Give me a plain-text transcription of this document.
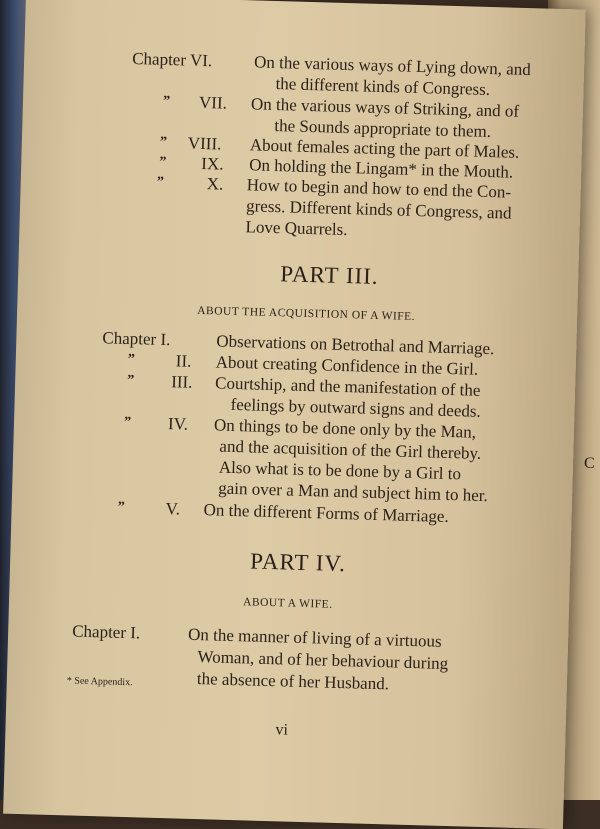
C
Chapter VI. On the various ways of Lying down, and
the different kinds of Congress.
” VII. On the various ways of Striking, and of
the Sounds appropriate to them.
” VIII. About females acting the part of Males.
” IX. On holding the Lingam* in the Mouth.
”	X. How to begin and how to end the Con-
gress. Different kinds of Congress, and
Love Quarrels.
PART III.
ABOUT THE ACQUISITION OF A WIFE.
Chapter I.	Observations on Betrothal and Marriage.
” II. About creating Confidence in the Girl.
” III. Courtship, and the manifestation of the
feelings by outward signs and deeds.
” IV. On things to be done only by the Man,
and the acquisition of the Girl thereby.
Also what is to be done by a Girl to
gain over a Man and subject him to her.
” V. On the different Forms of Marriage.
PART IV.
ABOUT A WIFE.
Chapter I.	On the manner of living of a virtuous
Woman, and of her behaviour during
the absence of her Husband.
* See Appendix.
vi
